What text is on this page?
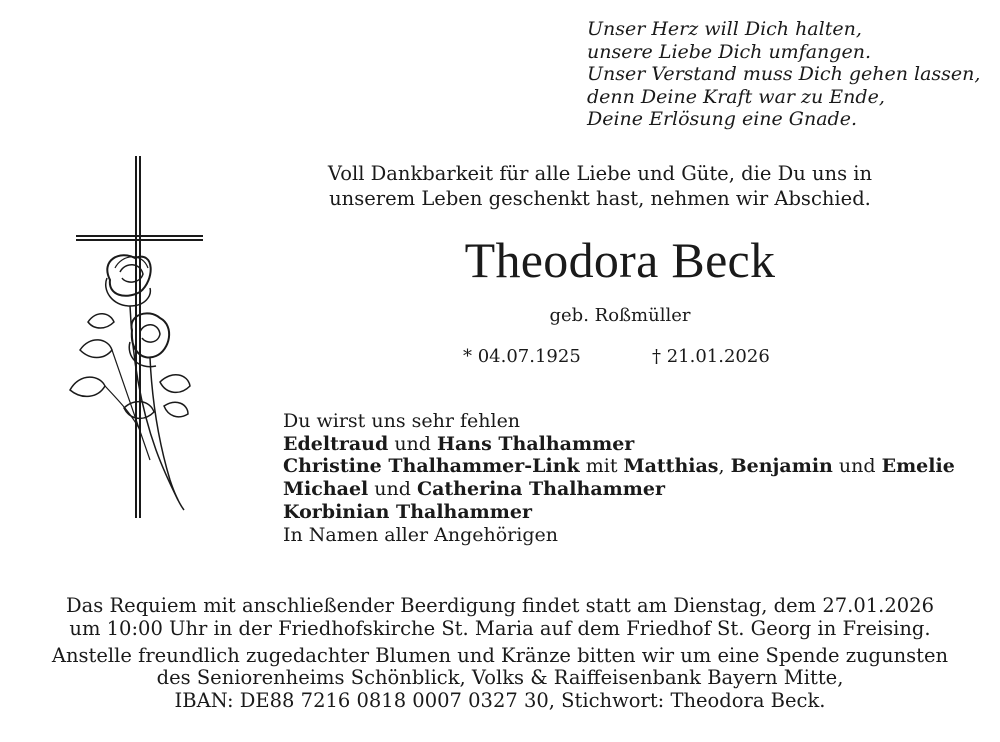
Unser Herz will Dich halten,
unsere Liebe Dich umfangen.
Unser Verstand muss Dich gehen lassen,
denn Deine Kraft war zu Ende,
Deine Erlösung eine Gnade.
Voll Dankbarkeit für alle Liebe und Güte, die Du uns in
unserem Leben geschenkt hast, nehmen wir Abschied.
Theodora Beck
geb. Roßmüller
* 04.07.1925	† 21.01.2026
Du wirst uns sehr fehlen
Edeltraud und Hans Thalhammer
Christine Thalhammer-Link mit Matthias, Benjamin und Emelie
Michael und Catherina Thalhammer
Korbinian Thalhammer
In Namen aller Angehörigen
Das Requiem mit anschließender Beerdigung findet statt am Dienstag, dem 27.01.2026
um 10:00 Uhr in der Friedhofskirche St. Maria auf dem Friedhof St. Georg in Freising.
Anstelle freundlich zugedachter Blumen und Kränze bitten wir um eine Spende zugunsten
des Seniorenheims Schönblick, Volks & Raiffeisenbank Bayern Mitte,
IBAN: DE88 7216 0818 0007 0327 30, Stichwort: Theodora Beck.
